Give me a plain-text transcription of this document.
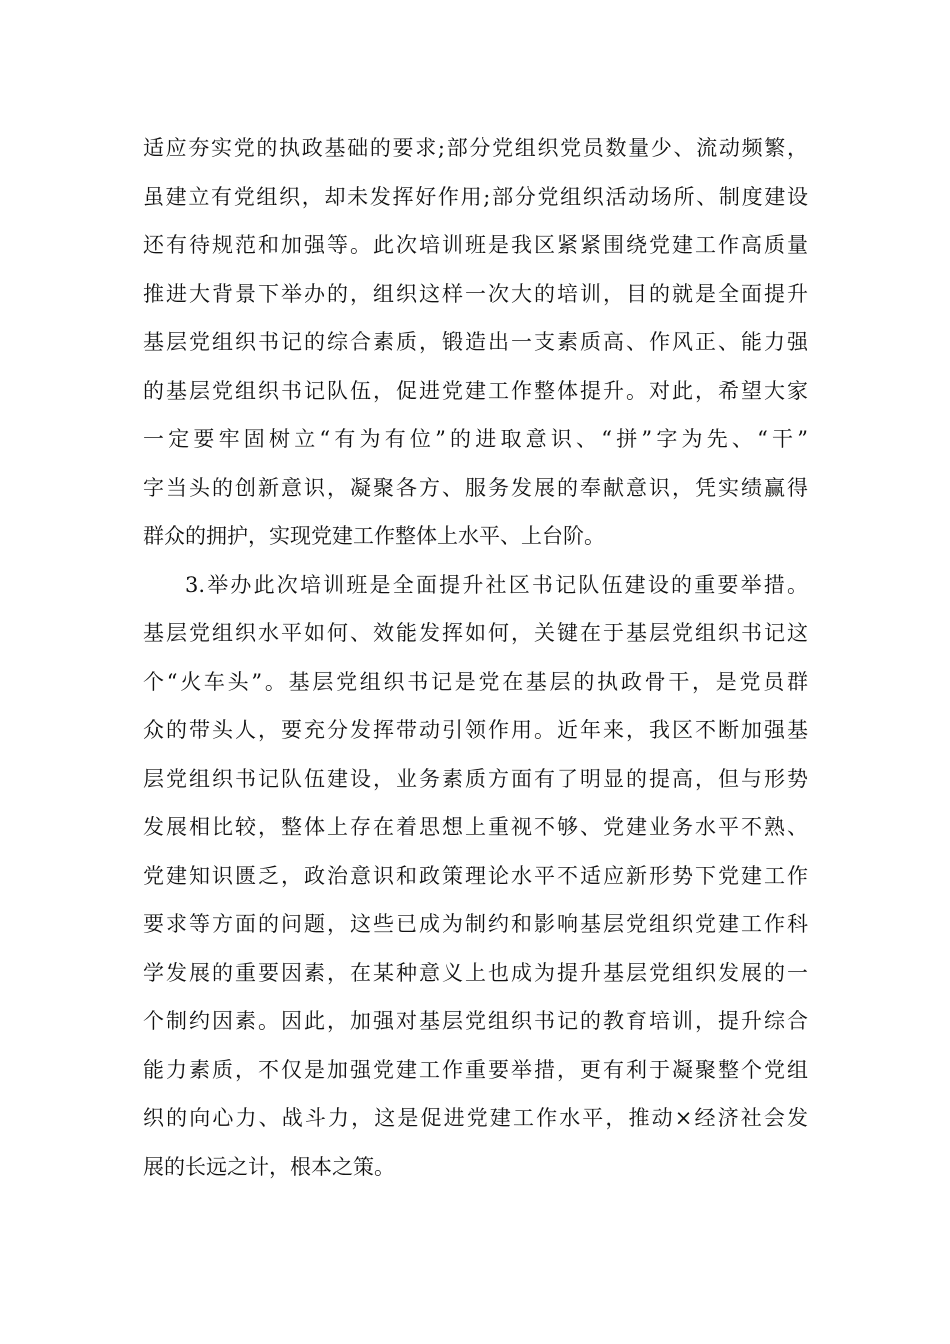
适应夯实党的执政基础的要求;部分党组织党员数量少、流动频繁，
虽建立有党组织，却未发挥好作用;部分党组织活动场所、制度建设
还有待规范和加强等。此次培训班是我区紧紧围绕党建工作高质量
推进大背景下举办的，组织这样一次大的培训，目的就是全面提升
基层党组织书记的综合素质，锻造出一支素质高、作风正、能力强
的基层党组织书记队伍，促进党建工作整体提升。对此，希望大家
一定要牢固树立“有为有位”的进取意识、“拼”字为先、“干”
字当头的创新意识，凝聚各方、服务发展的奉献意识，凭实绩赢得
群众的拥护，实现党建工作整体上水平、上台阶。
3.举办此次培训班是全面提升社区书记队伍建设的重要举措。
基层党组织水平如何、效能发挥如何，关键在于基层党组织书记这
个“火车头”。基层党组织书记是党在基层的执政骨干，是党员群
众的带头人，要充分发挥带动引领作用。近年来，我区不断加强基
层党组织书记队伍建设，业务素质方面有了明显的提高，但与形势
发展相比较，整体上存在着思想上重视不够、党建业务水平不熟、
党建知识匮乏，政治意识和政策理论水平不适应新形势下党建工作
要求等方面的问题，这些已成为制约和影响基层党组织党建工作科
学发展的重要因素，在某种意义上也成为提升基层党组织发展的一
个制约因素。因此，加强对基层党组织书记的教育培训，提升综合
能力素质，不仅是加强党建工作重要举措，更有利于凝聚整个党组
织的向心力、战斗力，这是促进党建工作水平，推动×经济社会发
展的长远之计，根本之策。
